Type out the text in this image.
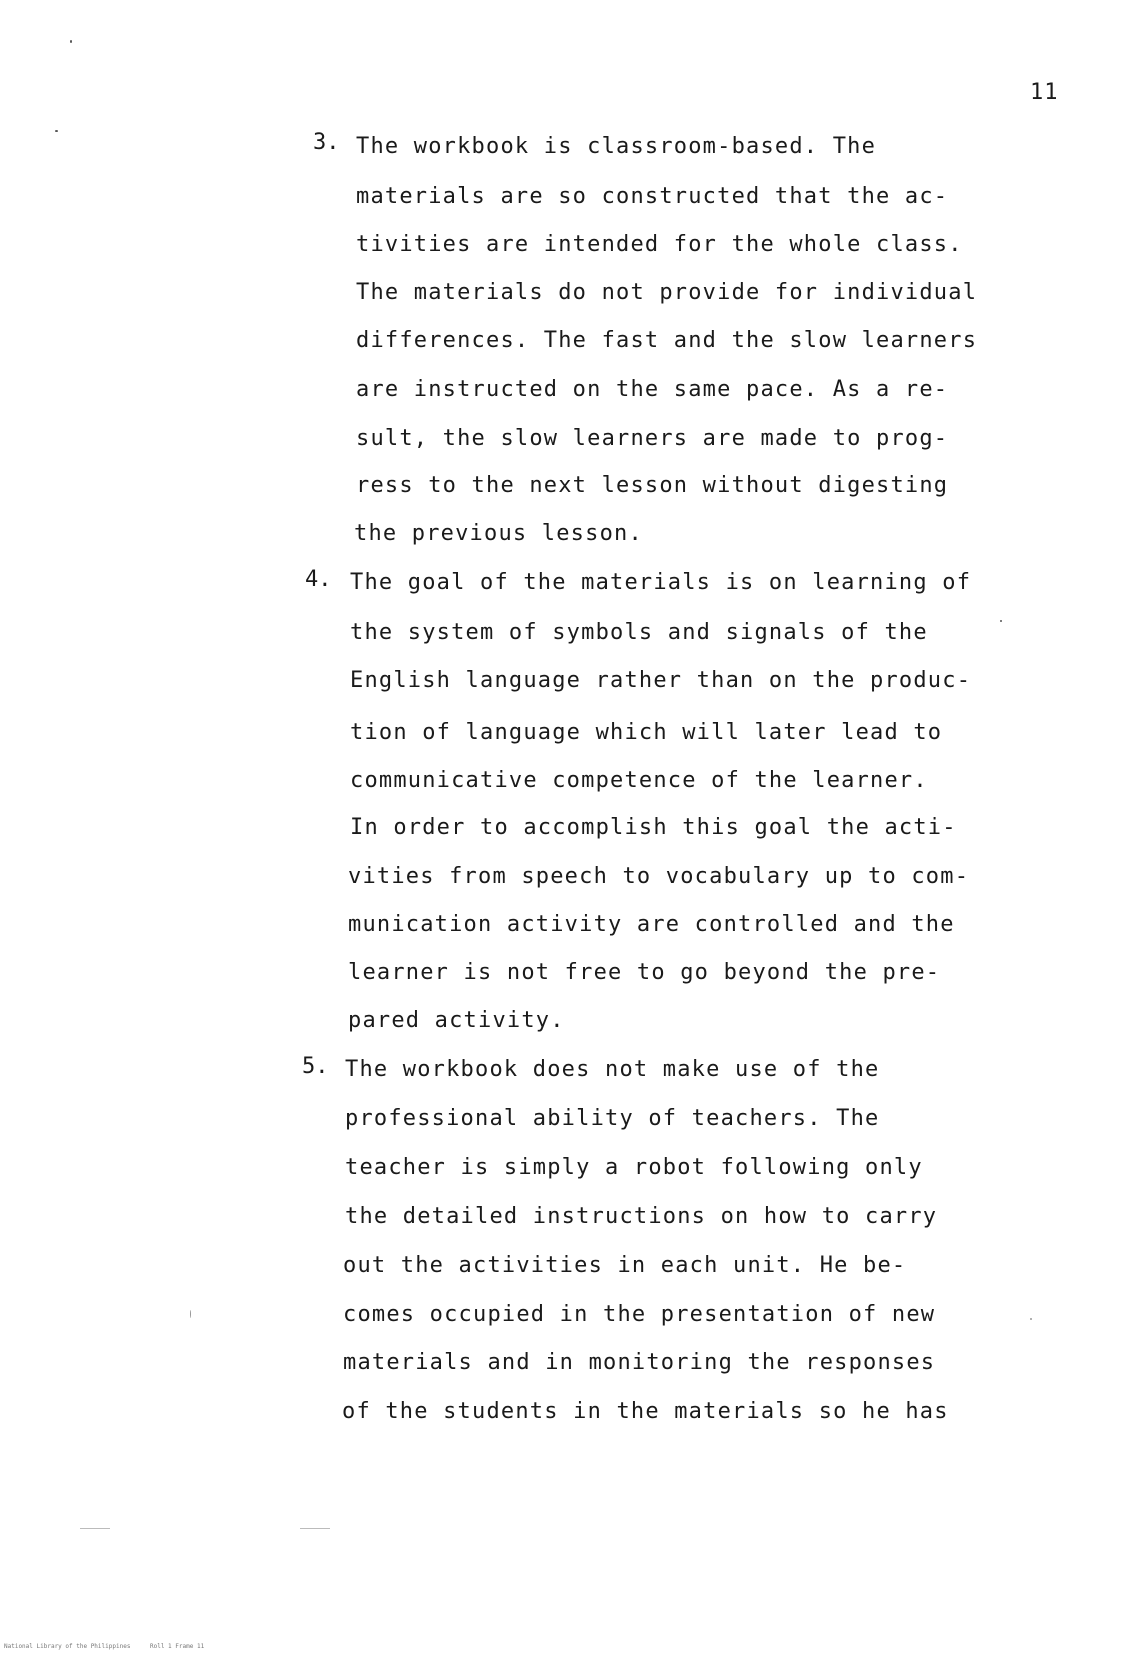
11
3. The workbook is classroom-based. The
materials are so constructed that the ac-
tivities are intended for the whole class.
The materials do not provide for individual
differences. The fast and the slow learners
are instructed on the same pace. As a re-
sult, the slow learners are made to prog-
ress to the next lesson without digesting
the previous lesson.
4. The goal of the materials is on learning of
the system of symbols and signals of the
English language rather than on the produc-
tion of language which will later lead to
communicative competence of the learner.
In order to accomplish this goal the acti-
vities from speech to vocabulary up to com-
munication activity are controlled and the
learner is not free to go beyond the pre-
pared activity.
5. The workbook does not make use of the
professional ability of teachers. The
teacher is simply a robot following only
the detailed instructions on how to carry
out the activities in each unit. He be-
comes occupied in the presentation of new
materials and in monitoring the responses
of the students in the materials so he has
National Library of the Philippines	Roll 1 Frame 11
